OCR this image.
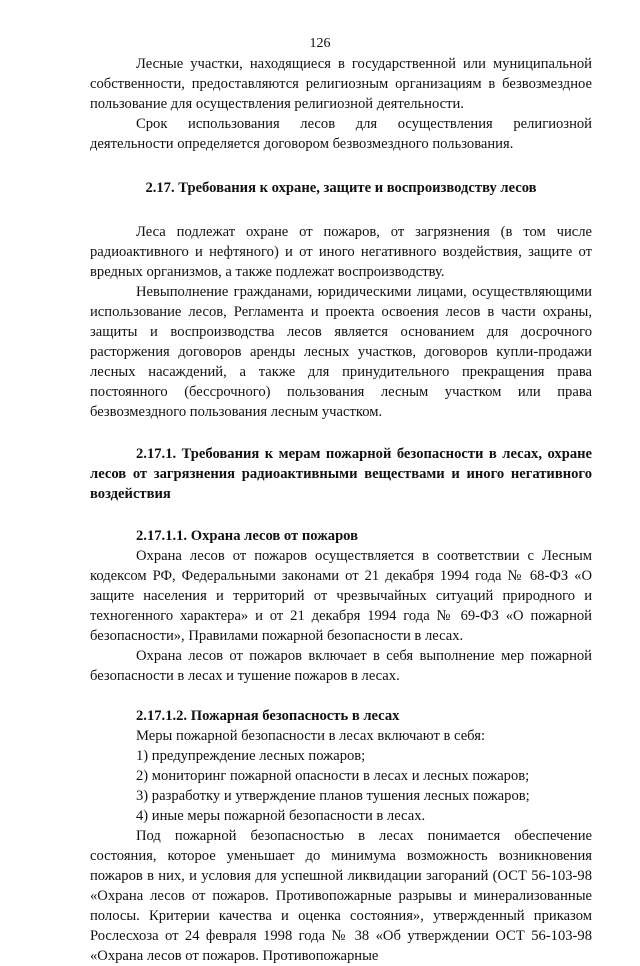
126

Лесные участки, находящиеся в государственной или муниципальной собственности, предоставляются религиозным организациям в безвозмездное пользование для осуществления религиозной деятельности.

Срок использования лесов для осуществления религиозной деятельности определяется договором безвозмездного пользования.

2.17. Требования к охране, защите и воспроизводству лесов

Леса подлежат охране от пожаров, от загрязнения (в том числе радиоактивного и нефтяного) и от иного негативного воздействия, защите от вредных организмов, а также подлежат воспроизводству.

Невыполнение гражданами, юридическими лицами, осуществляющими использование лесов, Регламента и проекта освоения лесов в части охраны, защиты и воспроизводства лесов является основанием для досрочного расторжения договоров аренды лесных участков, договоров купли-продажи лесных насаждений, а также для принудительного прекращения права постоянного (бессрочного) пользования лесным участком или права безвозмездного пользования лесным участком.

2.17.1. Требования к мерам пожарной безопасности в лесах, охране лесов от загрязнения радиоактивными веществами и иного негативного воздействия
2.17.1.1. Охрана лесов от пожаров

Охрана лесов от пожаров осуществляется в соответствии с Лесным кодексом РФ, Федеральными законами от 21 декабря 1994 года № 68-ФЗ «О защите населения и территорий от чрезвычайных ситуаций природного и техногенного характера» и от 21 декабря 1994 года № 69-ФЗ «О пожарной безопасности», Правилами пожарной безопасности в лесах.

Охрана лесов от пожаров включает в себя выполнение мер пожарной безопасности в лесах и тушение пожаров в лесах.

2.17.1.2. Пожарная безопасность в лесах

Меры пожарной безопасности в лесах включают в себя:

1) предупреждение лесных пожаров;

2) мониторинг пожарной опасности в лесах и лесных пожаров;

3) разработку и утверждение планов тушения лесных пожаров;

4) иные меры пожарной безопасности в лесах.

Под пожарной безопасностью в лесах понимается обеспечение состояния, которое уменьшает до минимума возможность возникновения пожаров в них, и условия для успешной ликвидации загораний (ОСТ 56-103-98 «Охрана лесов от пожаров. Противопожарные разрывы и минерализованные полосы. Критерии качества и оценка состояния», утвержденный приказом Рослесхоза от 24 февраля 1998 года № 38 «Об утверждении ОСТ 56-103-98 «Охрана лесов от пожаров. Противопожарные
